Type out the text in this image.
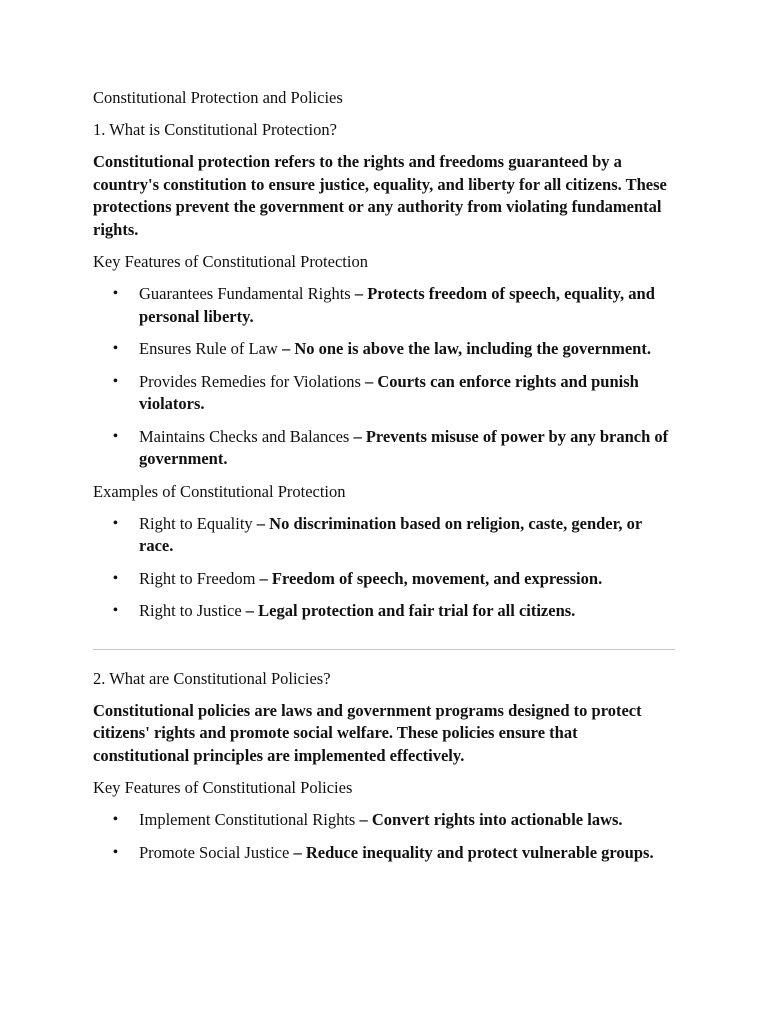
Constitutional Protection and Policies
1. What is Constitutional Protection?
Constitutional protection refers to the rights and freedoms guaranteed by a country's constitution to ensure justice, equality, and liberty for all citizens. These protections prevent the government or any authority from violating fundamental rights.
Key Features of Constitutional Protection
• Guarantees Fundamental Rights – Protects freedom of speech, equality, and personal liberty.
• Ensures Rule of Law – No one is above the law, including the government.
• Provides Remedies for Violations – Courts can enforce rights and punish violators.
• Maintains Checks and Balances – Prevents misuse of power by any branch of government.
Examples of Constitutional Protection
• Right to Equality – No discrimination based on religion, caste, gender, or race.
• Right to Freedom – Freedom of speech, movement, and expression.
• Right to Justice – Legal protection and fair trial for all citizens.
2. What are Constitutional Policies?
Constitutional policies are laws and government programs designed to protect citizens' rights and promote social welfare. These policies ensure that constitutional principles are implemented effectively.
Key Features of Constitutional Policies
• Implement Constitutional Rights – Convert rights into actionable laws.
• Promote Social Justice – Reduce inequality and protect vulnerable groups.
